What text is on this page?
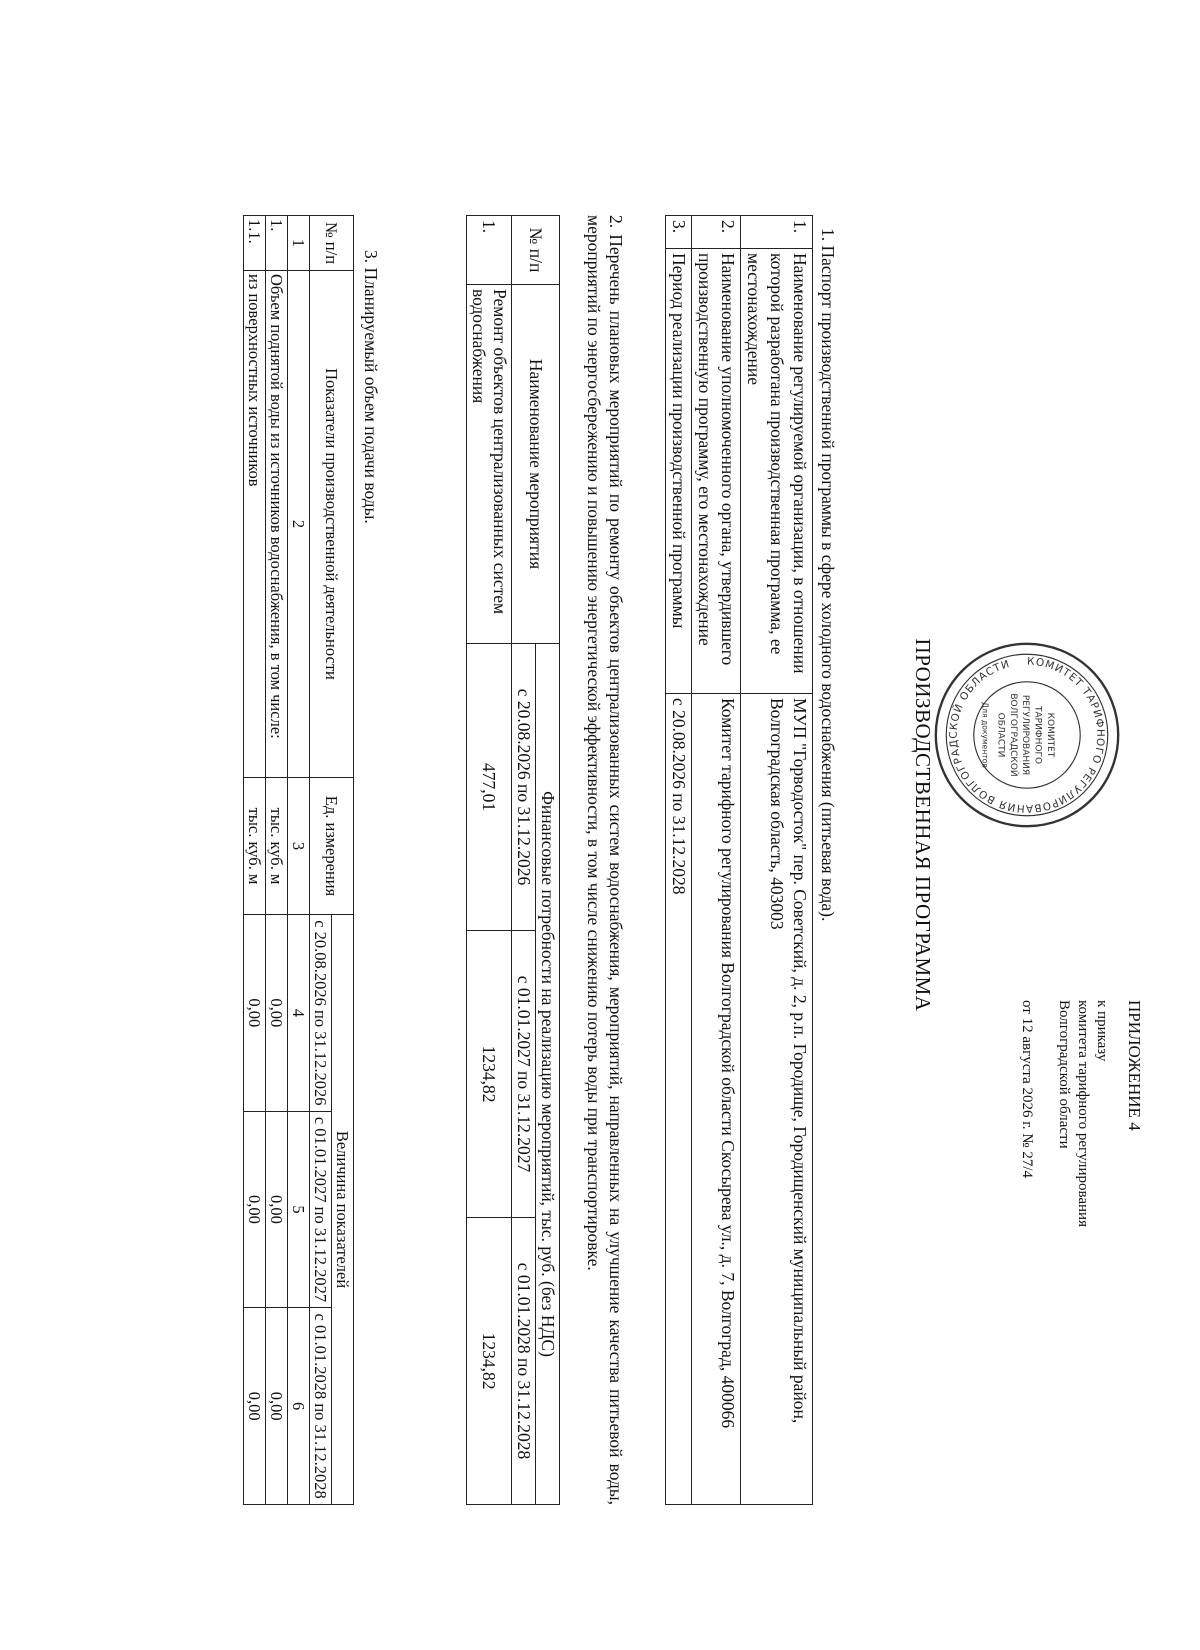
ПРИЛОЖЕНИЕ 4
к приказу
комитета тарифного регулирования
Волгоградской области
от 12 августа 2026 г. № 27/4
КОМИТЕТ ТАРИФНОГО РЕГУЛИРОВАНИЯ ВОЛГОГРАДСКОЙ ОБЛАСТИ
КОМИТЕТ
ТАРИФНОГО
РЕГУЛИРОВАНИЯ
ВОЛГОГРАДСКОЙ
ОБЛАСТИ
Для документов
ПРОИЗВОДСТВЕННАЯ ПРОГРАММА
1. Паспорт производственной программы в сфере холодного водоснабжения (питьевая вода).
1.	Наименование регулируемой организации, в отношении которой разработана производственная программа, ее местонахождение	МУП "Горводосток" пер. Советский, д. 2, р.п. Городище, Городищенский муниципальный район, Волгоградская область, 403003
2.	Наименование уполномоченного органа, утвердившего производственную программу, его местонахождение	Комитет тарифного регулирования Волгоградской области Скосырева ул., д. 7, Волгоград, 400066
3.	Период реализации производственной программы	с 20.08.2026 по 31.12.2028
2. Перечень плановых мероприятий по ремонту объектов централизованных систем водоснабжения, мероприятий, направленных на улучшение качества питьевой воды, мероприятий по энергосбережению и повышению энергетической эффективности, в том числе снижению потерь воды при транспортировке.
№ п/п	Наименование мероприятия	Финансовые потребности на реализацию мероприятий, тыс. руб. (без НДС)		
		с 20.08.2026 по 31.12.2026	с 01.01.2027 по 31.12.2027	с 01.01.2028 по 31.12.2028
1.	Ремонт объектов централизованных систем водоснабжения	477,01	1234,82	1234,82
3. Планируемый объем подачи воды.
№ п/п	Показатели производственной деятельности	Ед. измерения	Величина показателей		
			с 20.08.2026 по 31.12.2026	с 01.01.2027 по 31.12.2027	с 01.01.2028 по 31.12.2028
1	2	3	4	5	6
1.	Объем поднятой воды из источников водоснабжения, в том числе:	тыс. куб. м	0,00	0,00	0,00
1.1.	из поверхностных источников	тыс. куб. м	0,00	0,00	0,00
